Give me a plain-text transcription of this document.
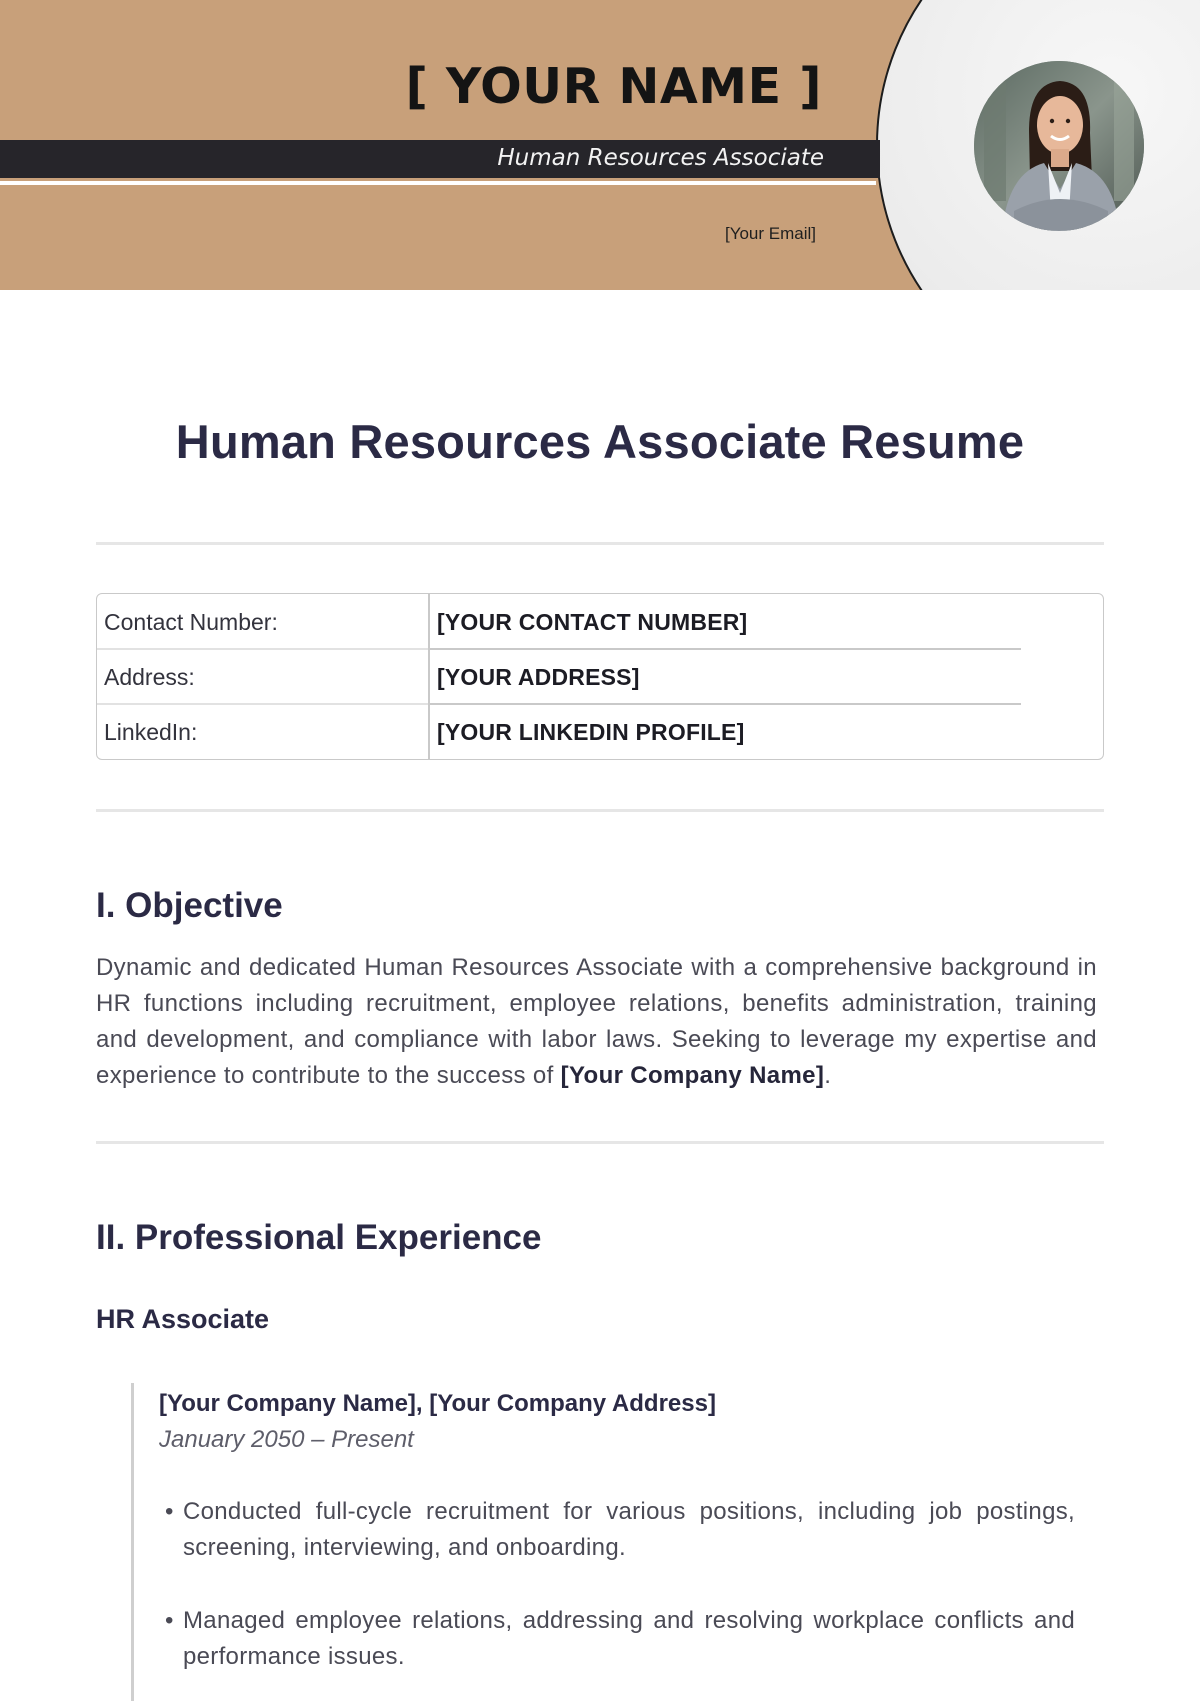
[ YOUR NAME ]
Human Resources Associate
[Your Email]
Human Resources Associate Resume
Contact Number:	[YOUR CONTACT NUMBER]
Address:	[YOUR ADDRESS]
LinkedIn:	[YOUR LINKEDIN PROFILE]
I. Objective

Dynamic and dedicated Human Resources Associate with a comprehensive background in HR functions including recruitment, employee relations, benefits administration, training and development, and compliance with labor laws. Seeking to leverage my expertise and experience to contribute to the success of [Your Company Name].

II. Professional Experience
HR Associate

[Your Company Name], [Your Company Address]

January 2050 – Present

• Conducted full-cycle recruitment for various positions, including job postings, screening, interviewing, and onboarding.
• Managed employee relations, addressing and resolving workplace conflicts and performance issues.
